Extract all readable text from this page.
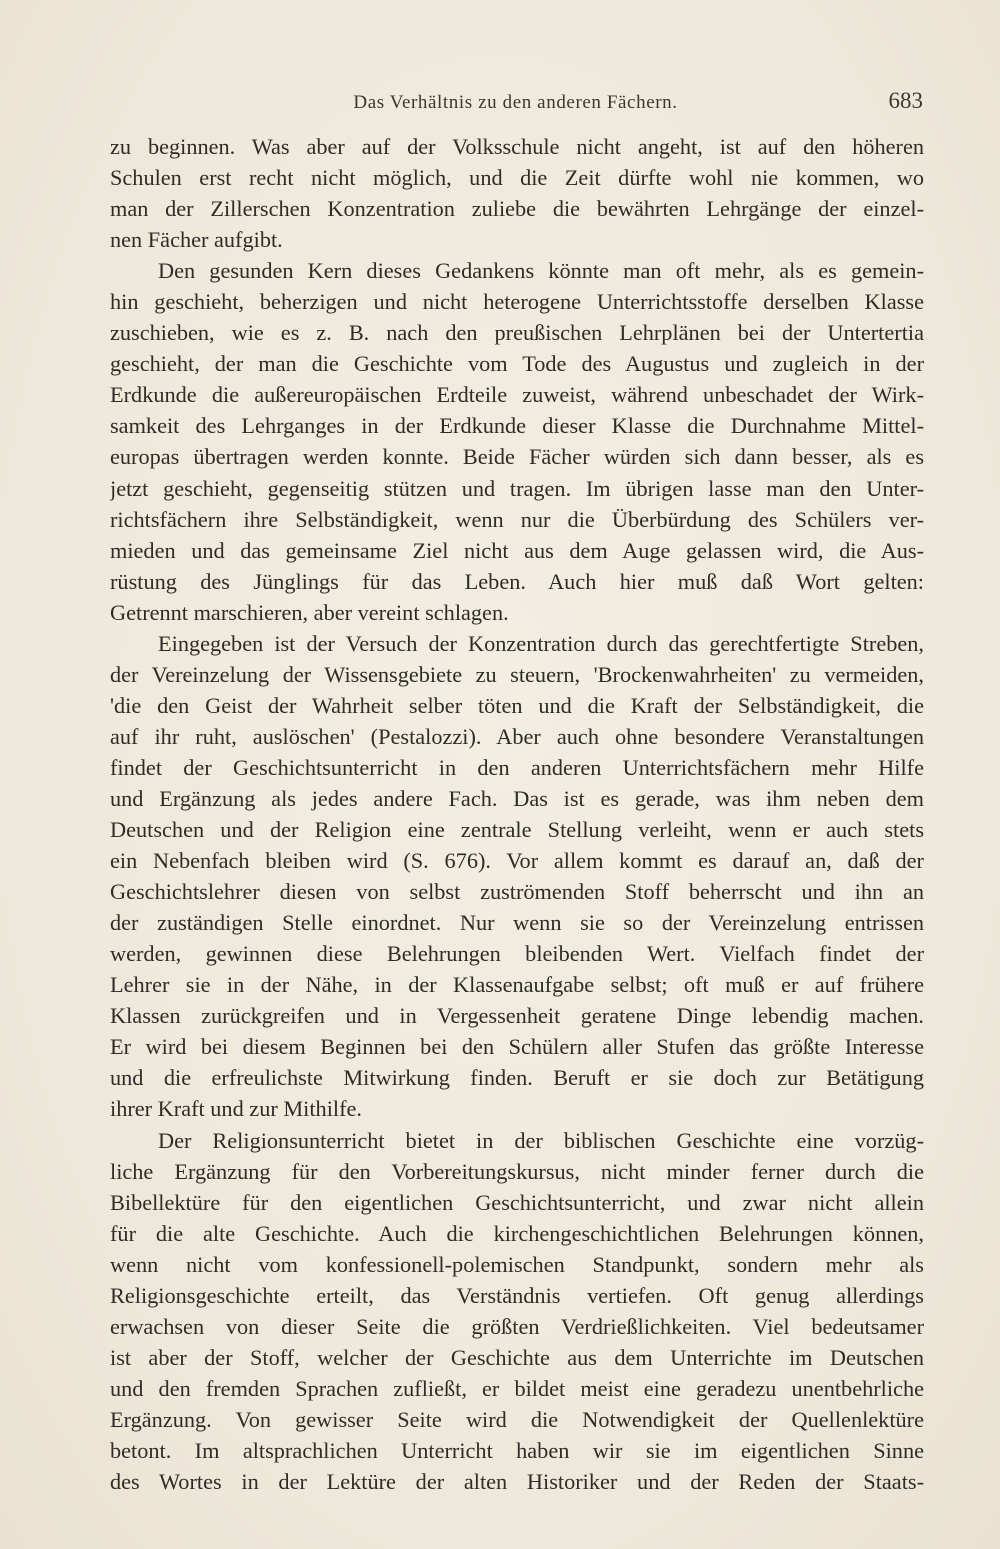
Das Verhältnis zu den anderen Fächern.	683
zu beginnen. Was aber auf der Volksschule nicht angeht, ist auf den höheren
Schulen erst recht nicht möglich, und die Zeit dürfte wohl nie kommen, wo
man der Zillerschen Konzentration zuliebe die bewährten Lehrgänge der einzel-
nen Fächer aufgibt.
Den gesunden Kern dieses Gedankens könnte man oft mehr, als es gemein-
hin geschieht, beherzigen und nicht heterogene Unterrichtsstoffe derselben Klasse
zuschieben, wie es z. B. nach den preußischen Lehrplänen bei der Untertertia
geschieht, der man die Geschichte vom Tode des Augustus und zugleich in der
Erdkunde die außereuropäischen Erdteile zuweist, während unbeschadet der Wirk-
samkeit des Lehrganges in der Erdkunde dieser Klasse die Durchnahme Mittel-
europas übertragen werden konnte. Beide Fächer würden sich dann besser, als es
jetzt geschieht, gegenseitig stützen und tragen. Im übrigen lasse man den Unter-
richtsfächern ihre Selbständigkeit, wenn nur die Überbürdung des Schülers ver-
mieden und das gemeinsame Ziel nicht aus dem Auge gelassen wird, die Aus-
rüstung des Jünglings für das Leben. Auch hier muß daß Wort gelten:
Getrennt marschieren, aber vereint schlagen.
Eingegeben ist der Versuch der Konzentration durch das gerechtfertigte Streben,
der Vereinzelung der Wissensgebiete zu steuern, 'Brockenwahrheiten' zu vermeiden,
'die den Geist der Wahrheit selber töten und die Kraft der Selbständigkeit, die
auf ihr ruht, auslöschen' (Pestalozzi). Aber auch ohne besondere Veranstaltungen
findet der Geschichtsunterricht in den anderen Unterrichtsfächern mehr Hilfe
und Ergänzung als jedes andere Fach. Das ist es gerade, was ihm neben dem
Deutschen und der Religion eine zentrale Stellung verleiht, wenn er auch stets
ein Nebenfach bleiben wird (S. 676). Vor allem kommt es darauf an, daß der
Geschichtslehrer diesen von selbst zuströmenden Stoff beherrscht und ihn an
der zuständigen Stelle einordnet. Nur wenn sie so der Vereinzelung entrissen
werden, gewinnen diese Belehrungen bleibenden Wert. Vielfach findet der
Lehrer sie in der Nähe, in der Klassenaufgabe selbst; oft muß er auf frühere
Klassen zurückgreifen und in Vergessenheit geratene Dinge lebendig machen.
Er wird bei diesem Beginnen bei den Schülern aller Stufen das größte Interesse
und die erfreulichste Mitwirkung finden. Beruft er sie doch zur Betätigung
ihrer Kraft und zur Mithilfe.
Der Religionsunterricht bietet in der biblischen Geschichte eine vorzüg-
liche Ergänzung für den Vorbereitungskursus, nicht minder ferner durch die
Bibellektüre für den eigentlichen Geschichtsunterricht, und zwar nicht allein
für die alte Geschichte. Auch die kirchengeschichtlichen Belehrungen können,
wenn nicht vom konfessionell-polemischen Standpunkt, sondern mehr als
Religionsgeschichte erteilt, das Verständnis vertiefen. Oft genug allerdings
erwachsen von dieser Seite die größten Verdrießlichkeiten. Viel bedeutsamer
ist aber der Stoff, welcher der Geschichte aus dem Unterrichte im Deutschen
und den fremden Sprachen zufließt, er bildet meist eine geradezu unentbehrliche
Ergänzung. Von gewisser Seite wird die Notwendigkeit der Quellenlektüre
betont. Im altsprachlichen Unterricht haben wir sie im eigentlichen Sinne
des Wortes in der Lektüre der alten Historiker und der Reden der Staats-
